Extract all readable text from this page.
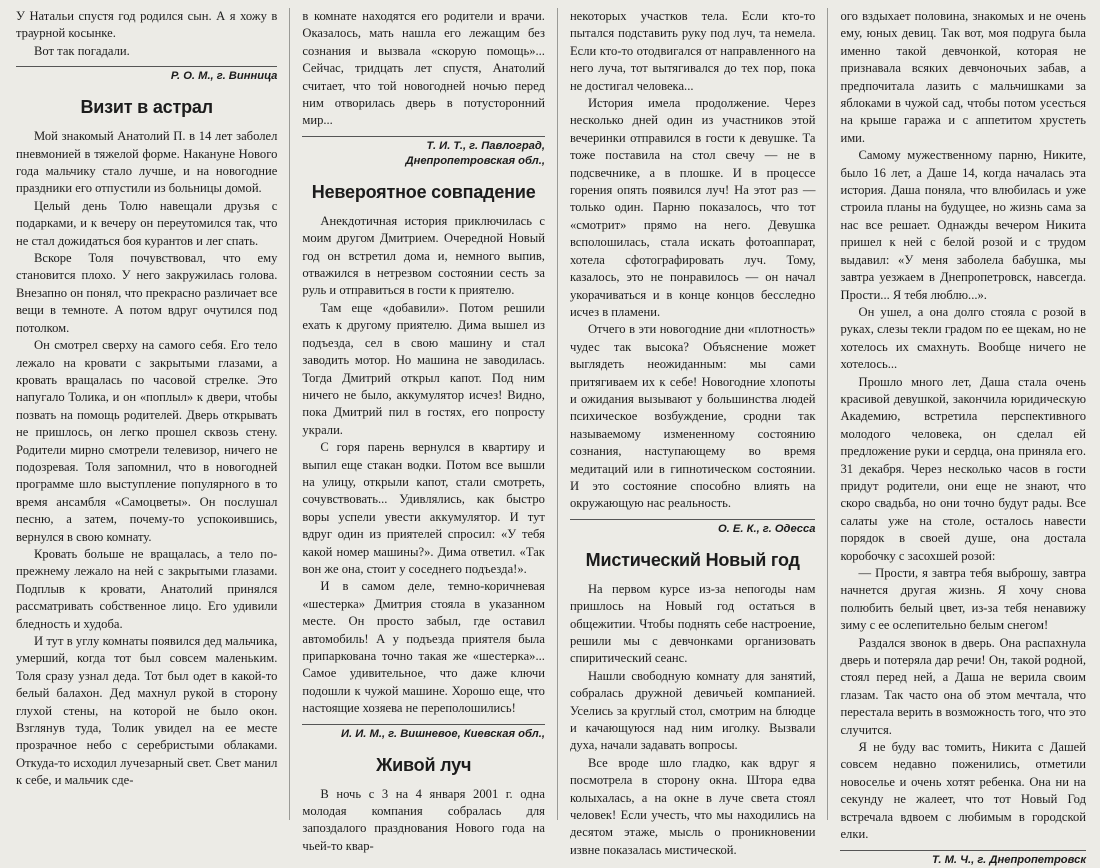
У Натальи спустя год родился сын. А я хожу в траурной косынке.

Вот так погадали.

Р. О. М., г. Винница
Визит в астрал

Мой знакомый Анатолий П. в 14 лет заболел пневмонией в тяжелой форме. Накануне Нового года мальчику стало лучше, и на новогодние праздники его отпустили из больницы домой.

Целый день Толю навещали друзья с подарками, и к вечеру он переутомился так, что не стал дожидаться боя курантов и лег спать.

Вскоре Толя почувствовал, что ему становится плохо. У него закружилась голова. Внезапно он понял, что прекрасно различает все вещи в темноте. А потом вдруг очутился под потолком.

Он смотрел сверху на самого себя. Его тело лежало на кровати с закрытыми глазами, а кровать вращалась по часовой стрелке. Это напугало Толика, и он «поплыл» к двери, чтобы позвать на помощь родителей. Дверь открывать не пришлось, он легко прошел сквозь стену. Родители мирно смотрели телевизор, ничего не подозревая. Толя запомнил, что в новогодней программе шло выступление популярного в то время ансамбля «Самоцветы». Он послушал песню, а затем, почему-то успокоившись, вернулся в свою комнату.

Кровать больше не вращалась, а тело по-прежнему лежало на ней с закрытыми глазами. Подплыв к кровати, Анатолий принялся рассматривать собственное лицо. Его удивили бледность и худоба.

И тут в углу комнаты появился дед мальчика, умерший, когда тот был совсем маленьким. Толя сразу узнал деда. Тот был одет в какой-то белый балахон. Дед махнул рукой в сторону глухой стены, на которой не было окон. Взглянув туда, Толик увидел на ее месте прозрачное небо с серебристыми облаками. Откуда-то исходил лучезарный свет. Свет манил к себе, и мальчик сде-

в комнате находятся его родители и врачи. Оказалось, мать нашла его лежащим без сознания и вызвала «скорую помощь»... Сейчас, тридцать лет спустя, Анатолий считает, что той новогодней ночью перед ним отворилась дверь в потусторонний мир...

Т. И. Т., г. Павлоград,
Днепропетровская обл.,
Невероятное совпадение

Анекдотичная история приключилась с моим другом Дмитрием. Очередной Новый год он встретил дома и, немного выпив, отважился в нетрезвом состоянии сесть за руль и отправиться в гости к приятелю.

Там еще «добавили». Потом решили ехать к другому приятелю. Дима вышел из подъезда, сел в свою машину и стал заводить мотор. Но машина не заводилась. Тогда Дмитрий открыл капот. Под ним ничего не было, аккумулятор исчез! Видно, пока Дмитрий пил в гостях, его попросту украли.

С горя парень вернулся в квартиру и выпил еще стакан водки. Потом все вышли на улицу, открыли капот, стали смотреть, сочувствовать... Удивлялись, как быстро воры успели увести аккумулятор. И тут вдруг один из приятелей спросил: «У тебя какой номер машины?». Дима ответил. «Так вон же она, стоит у соседнего подъезда!».

И в самом деле, темно-коричневая «шестерка» Дмитрия стояла в указанном месте. Он просто забыл, где оставил автомобиль! А у подъезда приятеля была припаркована точно такая же «шестерка»... Самое удивительное, что даже ключи подошли к чужой машине. Хорошо еще, что настоящие хозяева не переполошились!

И. И. М., г. Вишневое, Киевская обл.,
Живой луч

В ночь с 3 на 4 января 2001 г. одна молодая компания собралась для запоздалого празднования Нового года на чьей-то квар-

некоторых участков тела. Если кто-то пытался подставить руку под луч, та немела. Если кто-то отодвигался от направленного на него луча, тот вытягивался до тех пор, пока не достигал человека...

История имела продолжение. Через несколько дней один из участников этой вечеринки отправился в гости к девушке. Та тоже поставила на стол свечу — не в подсвечнике, а в плошке. И в процессе горения опять появился луч! На этот раз — только один. Парню показалось, что тот «смотрит» прямо на него. Девушка всполошилась, стала искать фотоаппарат, хотела сфотографировать луч. Тому, казалось, это не понравилось — он начал укорачиваться и в конце концов бесследно исчез в пламени.

Отчего в эти новогодние дни «плотность» чудес так высока? Объяснение может выглядеть неожиданным: мы сами притягиваем их к себе! Новогодние хлопоты и ожидания вызывают у большинства людей психическое возбуждение, сродни так называемому измененному состоянию сознания, наступающему во время медитаций или в гипнотическом состоянии. И это состояние способно влиять на окружающую нас реальность.

О. Е. К., г. Одесса
Мистический Новый год

На первом курсе из-за непогоды нам пришлось на Новый год остаться в общежитии. Чтобы поднять себе настроение, решили мы с девчонками организовать спиритический сеанс.

Нашли свободную комнату для занятий, собралась дружной девичьей компанией. Уселись за круглый стол, смотрим на блюдце и качающуюся над ним иголку. Вызвали духа, начали задавать вопросы.

Все вроде шло гладко, как вдруг я посмотрела в сторону окна. Штора едва колыхалась, а на окне в луче света стоял человек! Если учесть, что мы находились на десятом этаже, мысль о проникновении извне показалась мистической.

ого вздыхает половина, знакомых и не очень ему, юных девиц. Так вот, моя подруга была именно такой девчонкой, которая не признавала всяких девчоночьих забав, а предпочитала лазить с мальчишками за яблоками в чужой сад, чтобы потом усесться на крыше гаража и с аппетитом хрустеть ими.

Самому мужественному парню, Никите, было 16 лет, а Даше 14, когда началась эта история. Даша поняла, что влюбилась и уже строила планы на будущее, но жизнь сама за нас все решает. Однажды вечером Никита пришел к ней с белой розой и с трудом выдавил: «У меня заболела бабушка, мы завтра уезжаем в Днепропетровск, навсегда. Прости... Я тебя люблю...».

Он ушел, а она долго стояла с розой в руках, слезы текли градом по ее щекам, но не хотелось их смахнуть. Вообще ничего не хотелось...

Прошло много лет, Даша стала очень красивой девушкой, закончила юридическую Академию, встретила перспективного молодого человека, он сделал ей предложение руки и сердца, она приняла его. 31 декабря. Через несколько часов в гости придут родители, они еще не знают, что скоро свадьба, но они точно будут рады. Все салаты уже на столе, осталось навести порядок в своей душе, она достала коробочку с засохшей розой:

— Прости, я завтра тебя выброшу, завтра начнется другая жизнь. Я хочу снова полюбить белый цвет, из-за тебя ненавижу зиму с ее ослепительно белым снегом!

Раздался звонок в дверь. Она распахнула дверь и потеряла дар речи! Он, такой родной, стоял перед ней, а Даша не верила своим глазам. Так часто она об этом мечтала, что перестала верить в возможность того, что это случится.

Я не буду вас томить, Никита с Дашей совсем недавно поженились, отметили новоселье и очень хотят ребенка. Она ни на секунду не жалеет, что тот Новый Год встречала вдвоем с любимым в городской елки.

Т. М. Ч., г. Днепропетровск
